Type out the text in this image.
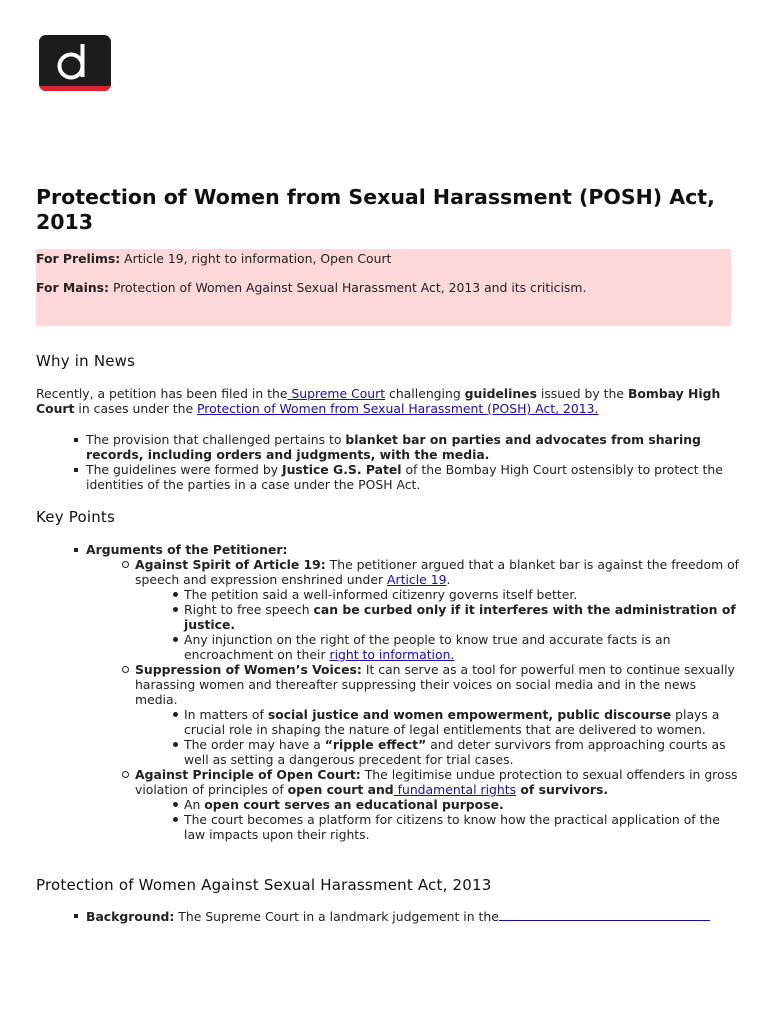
Protection of Women from Sexual Harassment (POSH) Act, 2013

For Prelims: Article 19, right to information, Open Court

For Mains: Protection of Women Against Sexual Harassment Act, 2013 and its criticism.

Why in News

Recently, a petition has been filed in the Supreme Court challenging guidelines issued by the Bombay High Court in cases under the Protection of Women from Sexual Harassment (POSH) Act, 2013.

The provision that challenged pertains to blanket bar on parties and advocates from sharing records, including orders and judgments, with the media.
The guidelines were formed by Justice G.S. Patel of the Bombay High Court ostensibly to protect the identities of the parties in a case under the POSH Act.
Key Points
Arguments of the Petitioner:
Against Spirit of Article 19: The petitioner argued that a blanket bar is against the freedom of speech and expression enshrined under Article 19.
The petition said a well-informed citizenry governs itself better.
Right to free speech can be curbed only if it interferes with the administration of justice.
Any injunction on the right of the people to know true and accurate facts is an encroachment on their right to information.
Suppression of Women’s Voices: It can serve as a tool for powerful men to continue sexually harassing women and thereafter suppressing their voices on social media and in the news media.
In matters of social justice and women empowerment, public discourse plays a crucial role in shaping the nature of legal entitlements that are delivered to women.
The order may have a “ripple effect” and deter survivors from approaching courts as well as setting a dangerous precedent for trial cases.
Against Principle of Open Court: The legitimise undue protection to sexual offenders in gross violation of principles of open court and fundamental rights of survivors.
An open court serves an educational purpose.
The court becomes a platform for citizens to know how the practical application of the law impacts upon their rights.
Protection of Women Against Sexual Harassment Act, 2013
Background: The Supreme Court in a landmark judgement in the
